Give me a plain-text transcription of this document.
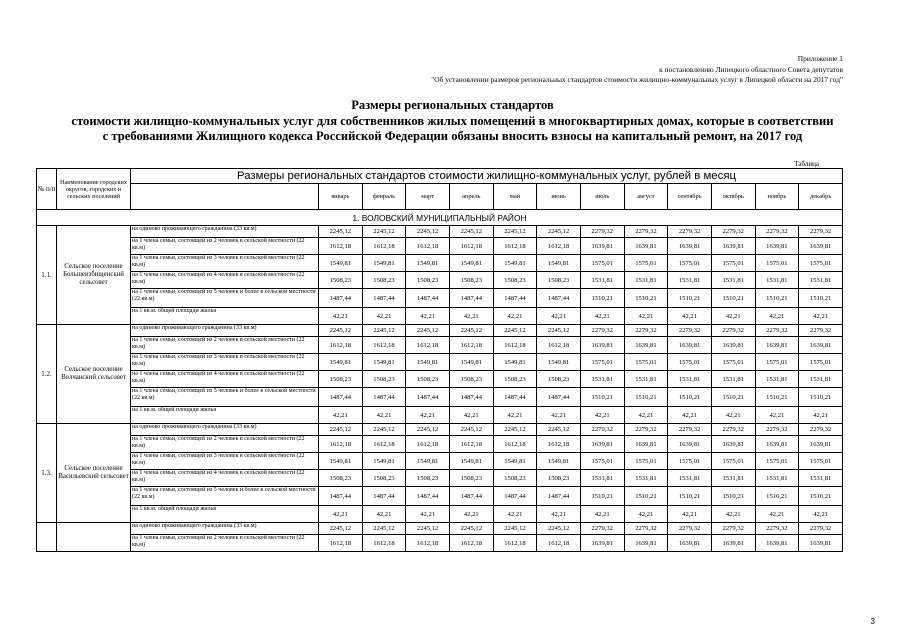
Приложение 1
к постановлению Липецкого областного Совета депутатов
"Об установлении размеров региональных стандартов стоимости жилищно-коммунальных услуг в Липецкой области на 2017 год"
Размеры региональных стандартов
стоимости жилищно-коммунальных услуг для собственников жилых помещений в многоквартирных домах, которые в соответствии
с требованиями Жилищного кодекса Российской Федерации обязаны вносить взносы на капитальный ремонт, на 2017 год
Таблица
№ п/п	Наименование городских округов, городских и сельских поселений	Размеры региональных стандартов стоимости жилищно-коммунальных услуг, рублей в месяц												
			январь	февраль	март	апрель	май	июнь	июль	август	сентябрь	октябрь	ноябрь	декабрь
1. ВОЛОВСКИЙ МУНИЦИПАЛЬНЫЙ РАЙОН														
1.1.	Сельское поселение Большеизбищенский сельсовет	на одиноко проживающего гражданина (33 кв.м)	2245,12	2245,12	2245,12	2245,12	2245,12	2245,12	2279,32	2279,32	2279,32	2279,32	2279,32	2279,32
		на 1 члена семьи, состоящей из 2 человек в сельской местности (22 кв.м)	1612,18	1612,18	1612,18	1612,18	1612,18	1612,18	1639,81	1639,81	1639,81	1639,81	1639,81	1639,81
		на 1 члена семьи, состоящей из 3 человек в сельской местности (22 кв.м)	1549,81	1549,81	1549,81	1549,81	1549,81	1549,81	1575,01	1575,01	1575,01	1575,01	1575,01	1575,01
		на 1 члена семьи, состоящей из 4 человек в сельской местности (22 кв.м)	1508,23	1508,23	1508,23	1508,23	1508,23	1508,23	1531,81	1531,81	1531,81	1531,81	1531,81	1531,81
		на 1 члена семьи, состоящей из 5 человек и более в сельской местности (22 кв.м)	1487,44	1487,44	1487,44	1487,44	1487,44	1487,44	1510,21	1510,21	1510,21	1510,21	1510,21	1510,21
		на 1 кв.м. общей площади жилья	42,21	42,21	42,21	42,21	42,21	42,21	42,21	42,21	42,21	42,21	42,21	42,21
1.2.	Сельское поселение Волчанский сельсовет	на одиноко проживающего гражданина (33 кв.м)	2245,12	2245,12	2245,12	2245,12	2245,12	2245,12	2279,32	2279,32	2279,32	2279,32	2279,32	2279,32
		на 1 члена семьи, состоящей из 2 человек в сельской местности (22 кв.м)	1612,18	1612,18	1612,18	1612,18	1612,18	1612,18	1639,81	1639,81	1639,81	1639,81	1639,81	1639,81
		на 1 члена семьи, состоящей из 3 человек в сельской местности (22 кв.м)	1549,81	1549,81	1549,81	1549,81	1549,81	1549,81	1575,01	1575,01	1575,01	1575,01	1575,01	1575,01
		на 1 члена семьи, состоящей из 4 человек в сельской местности (22 кв.м)	1508,23	1508,23	1508,23	1508,23	1508,23	1508,23	1531,81	1531,81	1531,81	1531,81	1531,81	1531,81
		на 1 члена семьи, состоящей из 5 человек и более в сельской местности (22 кв.м)	1487,44	1487,44	1487,44	1487,44	1487,44	1487,44	1510,21	1510,21	1510,21	1510,21	1510,21	1510,21
		на 1 кв.м. общей площади жилья	42,21	42,21	42,21	42,21	42,21	42,21	42,21	42,21	42,21	42,21	42,21	42,21
1.3.	Сельское поселение Васильевский сельсовет	на одиноко проживающего гражданина (33 кв.м)	2245,12	2245,12	2245,12	2245,12	2245,12	2245,12	2279,32	2279,32	2279,32	2279,32	2279,32	2279,32
		на 1 члена семьи, состоящей из 2 человек в сельской местности (22 кв.м)	1612,18	1612,18	1612,18	1612,18	1612,18	1612,18	1639,81	1639,81	1639,81	1639,81	1639,81	1639,81
		на 1 члена семьи, состоящей из 3 человек в сельской местности (22 кв.м)	1549,81	1549,81	1549,81	1549,81	1549,81	1549,81	1575,01	1575,01	1575,01	1575,01	1575,01	1575,01
		на 1 члена семьи, состоящей из 4 человек в сельской местности (22 кв.м)	1508,23	1508,23	1508,23	1508,23	1508,23	1508,23	1531,81	1531,81	1531,81	1531,81	1531,81	1531,81
		на 1 члена семьи, состоящей из 5 человек и более в сельской местности (22 кв.м)	1487,44	1487,44	1487,44	1487,44	1487,44	1487,44	1510,21	1510,21	1510,21	1510,21	1510,21	1510,21
		на 1 кв.м. общей площади жилья	42,21	42,21	42,21	42,21	42,21	42,21	42,21	42,21	42,21	42,21	42,21	42,21
		на одиноко проживающего гражданина (33 кв.м)	2245,12	2245,12	2245,12	2245,12	2245,12	2245,12	2279,32	2279,32	2279,32	2279,32	2279,32	2279,32
		на 1 члена семьи, состоящей из 2 человек в сельской местности (22 кв.м)	1612,18	1612,18	1612,18	1612,18	1612,18	1612,18	1639,81	1639,81	1639,81	1639,81	1639,81	1639,81
3
